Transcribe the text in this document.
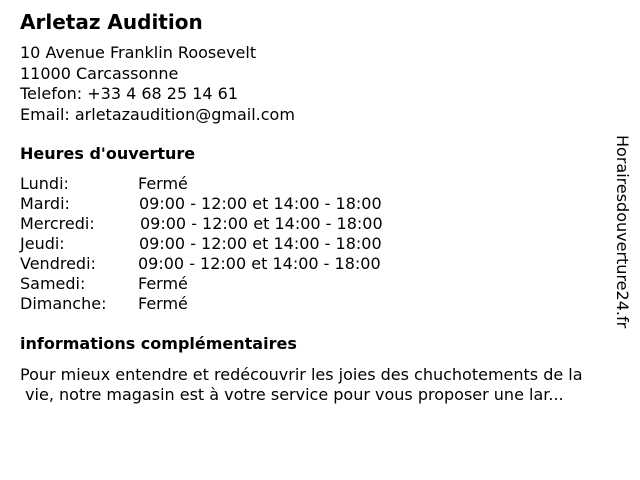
Arletaz Audition
10 Avenue Franklin Roosevelt
11000 Carcassonne
Telefon: +33 4 68 25 14 61
Email: arletazaudition@gmail.com
Heures d'ouverture
Lundi:	Fermé
Mardi:	09:00 - 12:00 et 14:00 - 18:00
Mercredi:	09:00 - 12:00 et 14:00 - 18:00
Jeudi:	09:00 - 12:00 et 14:00 - 18:00
Vendredi:	09:00 - 12:00 et 14:00 - 18:00
Samedi:	Fermé
Dimanche: Fermé
informations complémentaires
Pour mieux entendre et redécouvrir les joies des chuchotements de la
vie, notre magasin est à votre service pour vous proposer une lar...
Horairesdouverture24.fr
